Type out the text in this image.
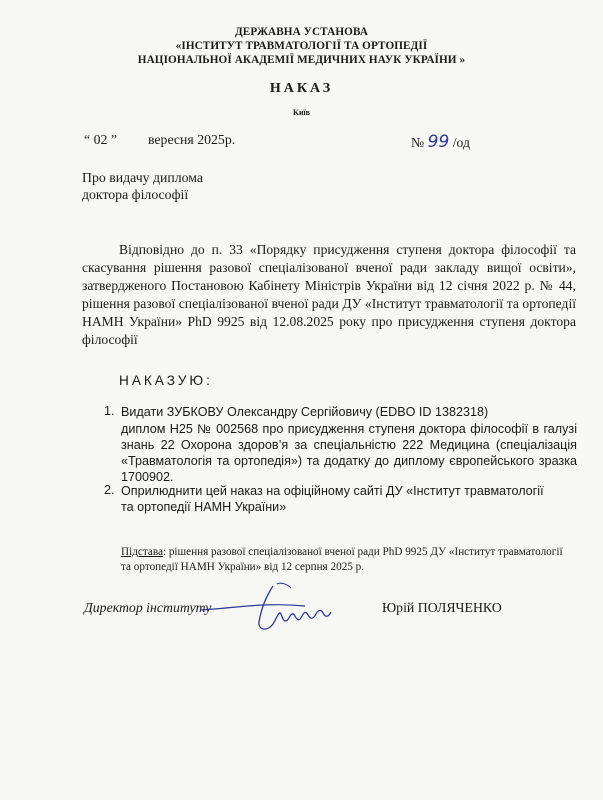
ДЕРЖАВНА УСТАНОВА
«ІНСТИТУТ ТРАВМАТОЛОГІЇ ТА ОРТОПЕДІЇ
НАЦІОНАЛЬНОЇ АКАДЕМІЇ МЕДИЧНИХ НАУК УКРАЇНИ »
НАКАЗ
Київ
“ 02 ” вересня 2025р.	№ 99 /од
Про видачу диплома
доктора філософії
Відповідно до п. 33 «Порядку присудження ступеня доктора філософії та скасування рішення разової спеціалізованої вченої ради закладу вищої освіти», затвердженого Постановою Кабінету Міністрів України від 12 січня 2022 р. № 44, рішення разової спеціалізованої вченої ради ДУ «Інститут травматології та ортопедії НАМН України» PhD 9925 від 12.08.2025 року про присудження ступеня доктора філософії
НАКАЗУЮ:
1. Видати ЗУБКОВУ Олександру Сергійовичу (EDBO ID 1382318)
диплом Н25 № 002568 про присудження ступеня доктора філософії в галузі знань 22 Охорона здоров’я за спеціальністю 222 Медицина (спеціалізація «Травматологія та ортопедія») та додатку до диплому європейського зразка 1700902.
2. Оприлюднити цей наказ на офіційному сайті ДУ «Інститут травматології
та ортопедії НАМН України»
Підстава: рішення разової спеціалізованої вченої ради PhD 9925 ДУ «Інститут травматології та ортопедії НАМН України» від 12 серпня 2025 р.
Директор інституту	Юрій ПОЛЯЧЕНКО
